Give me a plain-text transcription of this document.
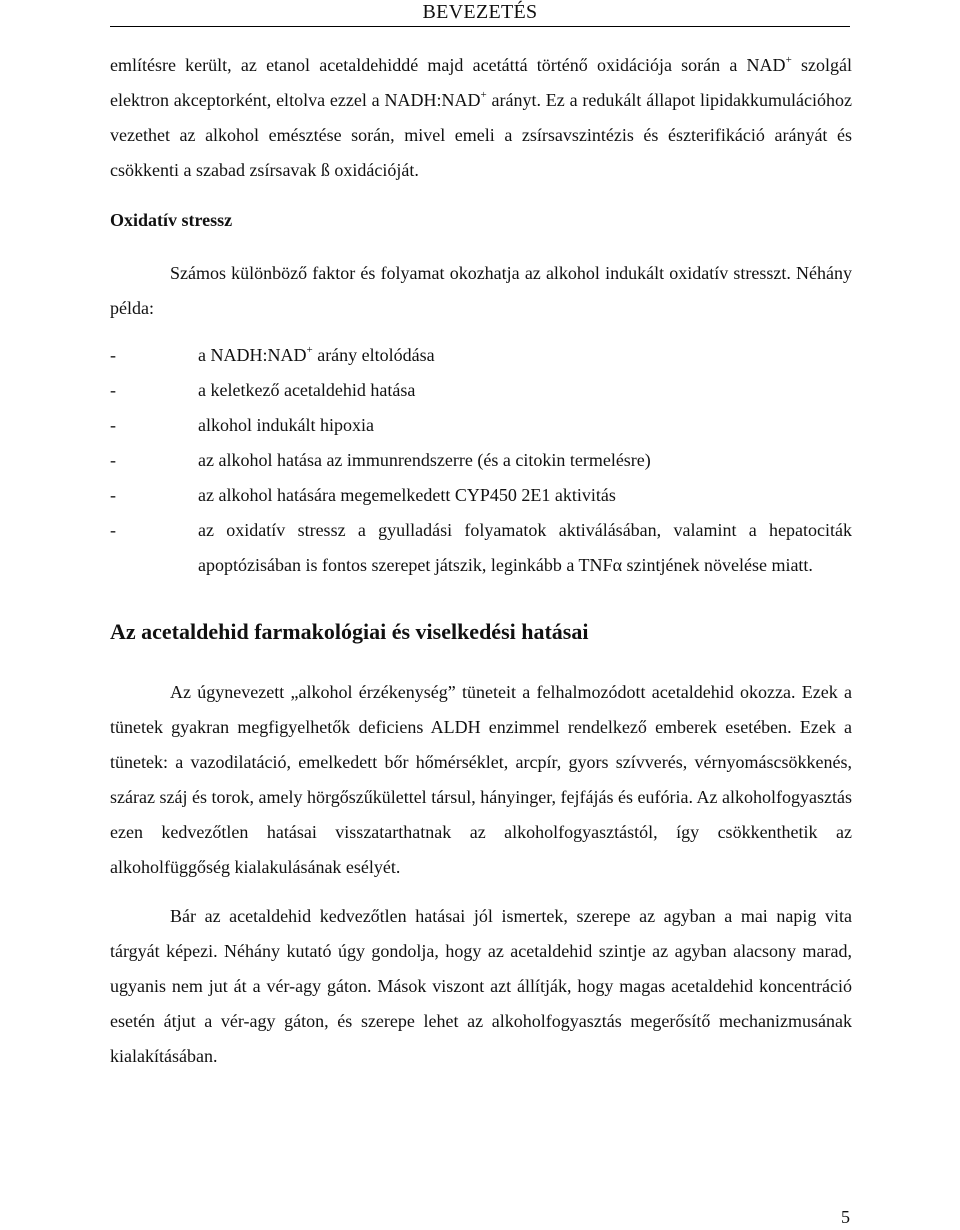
BEVEZETÉS

említésre került, az etanol acetaldehiddé majd acetáttá történő oxidációja során a NAD+ szolgál elektron akceptorként, eltolva ezzel a NADH:NAD+ arányt. Ez a redukált állapot lipidakkumulációhoz vezethet az alkohol emésztése során, mivel emeli a zsírsavszintézis és észterifikáció arányát és csökkenti a szabad zsírsavak ß oxidációját.

Oxidatív stressz

Számos különböző faktor és folyamat okozhatja az alkohol indukált oxidatív stresszt. Néhány példa:

-	a NADH:NAD+ arány eltolódása
-	a keletkező acetaldehid hatása
-	alkohol indukált hipoxia
-	az alkohol hatása az immunrendszerre (és a citokin termelésre)
-	az alkohol hatására megemelkedett CYP450 2E1 aktivitás
-	az oxidatív stressz a gyulladási folyamatok aktiválásában, valamint a hepatociták apoptózisában is fontos szerepet játszik, leginkább a TNFα szintjének növelése miatt.

Az acetaldehid farmakológiai és viselkedési hatásai

Az úgynevezett „alkohol érzékenység” tüneteit a felhalmozódott acetaldehid okozza. Ezek a tünetek gyakran megfigyelhetők deficiens ALDH enzimmel rendelkező emberek esetében. Ezek a tünetek: a vazodilatáció, emelkedett bőr hőmérséklet, arcpír, gyors szívverés, vérnyomáscsökkenés, száraz száj és torok, amely hörgőszűkülettel társul, hányinger, fejfájás és eufória. Az alkoholfogyasztás ezen kedvezőtlen hatásai visszatarthatnak az alkoholfogyasztástól, így csökkenthetik az alkoholfüggőség kialakulásának esélyét.

Bár az acetaldehid kedvezőtlen hatásai jól ismertek, szerepe az agyban a mai napig vita tárgyát képezi. Néhány kutató úgy gondolja, hogy az acetaldehid szintje az agyban alacsony marad, ugyanis nem jut át a vér-agy gáton. Mások viszont azt állítják, hogy magas acetaldehid koncentráció esetén átjut a vér-agy gáton, és szerepe lehet az alkoholfogyasztás megerősítő mechanizmusának kialakításában.

5
